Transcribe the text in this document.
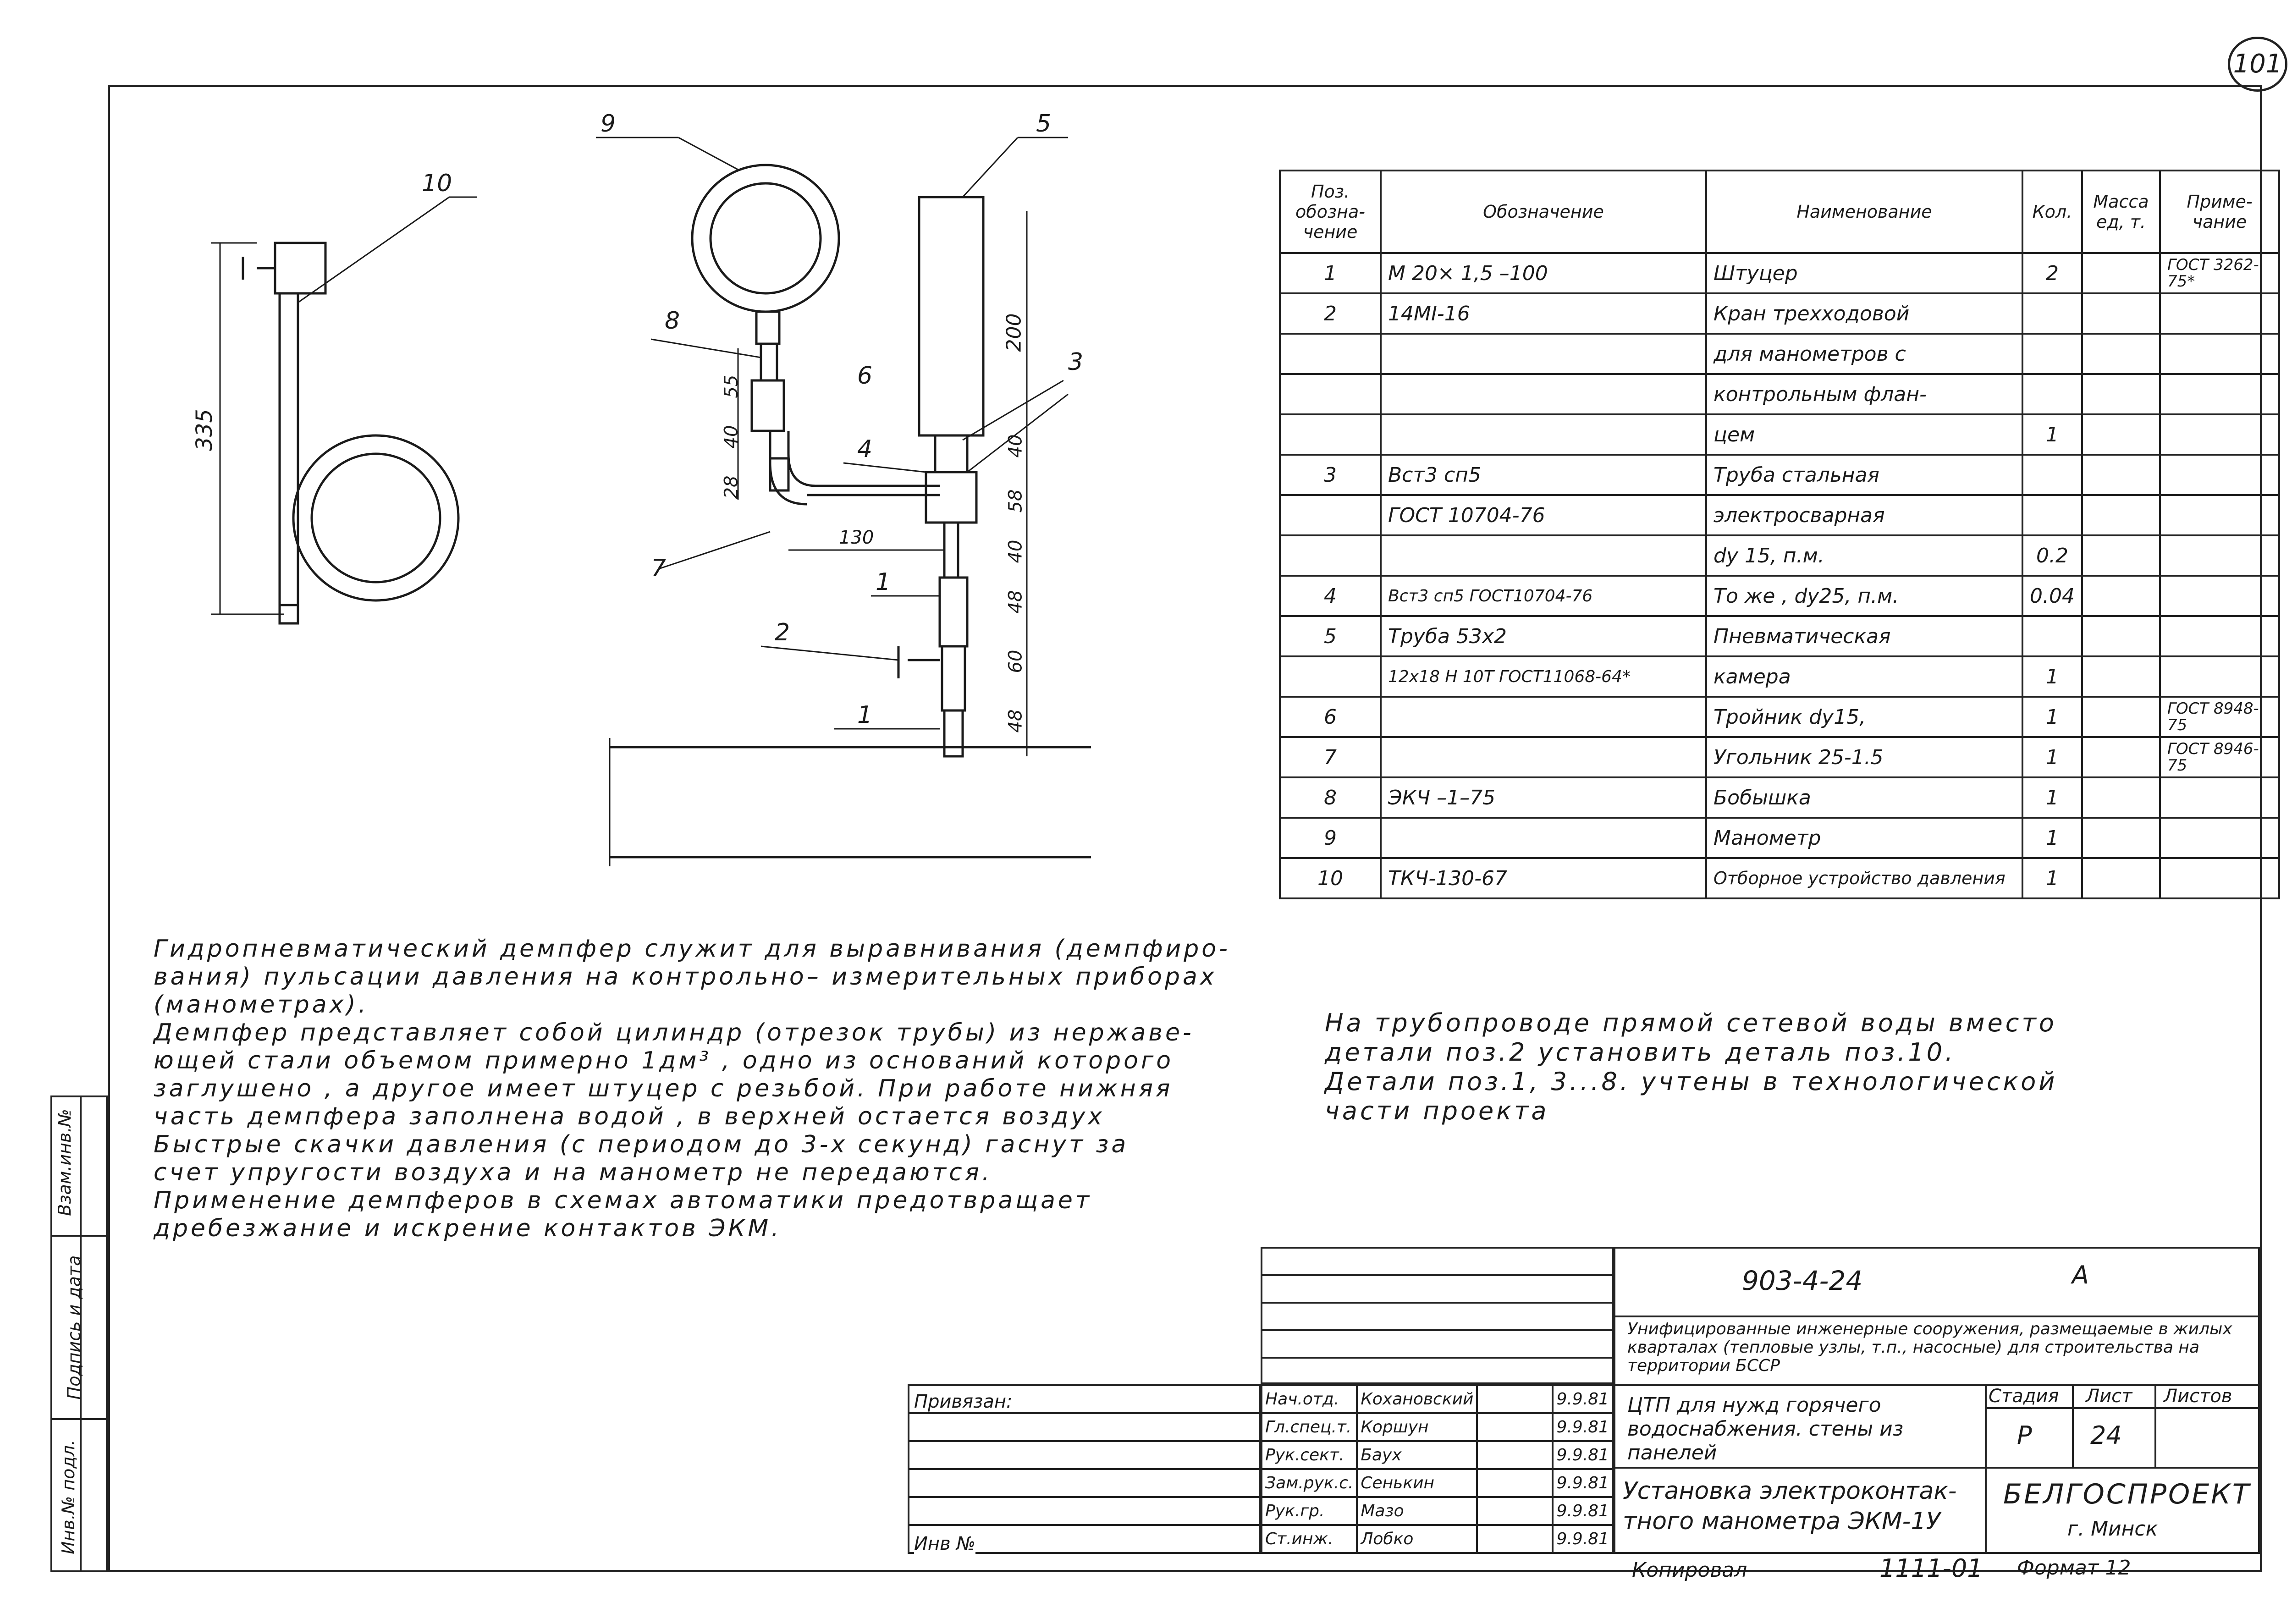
101
Взам.инв.№
Подпись и дата
Инв.№ подл.
9	5
10
8
6	3
4
7	1
2
1
335
200
55
40
28
40
58
40
48
60
48
130
Поз. обозна- чение	Обозначение	Наименование	Кол.	Масса ед, т.	Приме- чание
1	М 20× 1,5 –100	Штуцер	2		ГОСТ 3262-75*
2	14МI-16	Кран трехходовой			
		для манометров с			
		контрольным флан-			
		цем	1		
3	Вст3 сп5	Труба стальная			
	ГОСТ 10704-76	электросварная			
		dy 15, п.м.	0.2		
4	Вст3 сп5 ГОСТ10704-76	То же , dy25, п.м.	0.04		
5	Труба 53х2	Пневматическая			
	12х18 Н 10Т ГОСТ11068-64*	камера	1		
6		Тройник dy15,	1		ГОСТ 8948-75
7		Угольник 25-1.5	1		ГОСТ 8946-75
8	ЭКЧ –1–75	Бобышка	1		
9		Манометр	1		
10	ТКЧ-130-67	Отборное устройство давления	1		
Гидропневматический демпфер служит для выравнивания (демпфиро-
вания) пульсации давления на контрольно– измерительных приборах
(манометрах).
Демпфер представляет собой цилиндр (отрезок трубы) из нержаве-
ющей стали объемом примерно 1дм³ , одно из оснований которого
заглушено , а другое имеет штуцер с резьбой. При работе нижняя
часть демпфера заполнена водой , в верхней остается воздух
Быстрые скачки давления (с периодом до 3-х секунд) гаснут за
счет упругости воздуха и на манометр не передаются.
Применение демпферов в схемах автоматики предотвращает
дребезжание и искрение контактов ЭКМ.
На трубопроводе прямой сетевой воды вместо
детали поз.2 установить деталь поз.10.
Детали поз.1, 3...8. учтены в технологической
части проекта
Привязан:
Инв №
Нач.отд.	Кохановский		9.9.81
Гл.спец.т.	Коршун		9.9.81
Рук.сект.	Баух		9.9.81
Зам.рук.с.	Сенькин		9.9.81
Рук.гр.	Мазо		9.9.81
Ст.инж.	Лобко		9.9.81
903-4-24	А
Унифицированные инженерные сооружения, размещаемые в жилых кварталах (тепловые узлы, т.п., насосные) для строительства на территории БССР
ЦТП для нужд горячего водоснабжения. стены из панелей
Установка электроконтак- тного манометра ЭКМ-1У
Стадия Лист Листов
Р 24
БЕЛГОСПРОЕКТ
г. Минск
Копировал	1111-01 Формат 12
